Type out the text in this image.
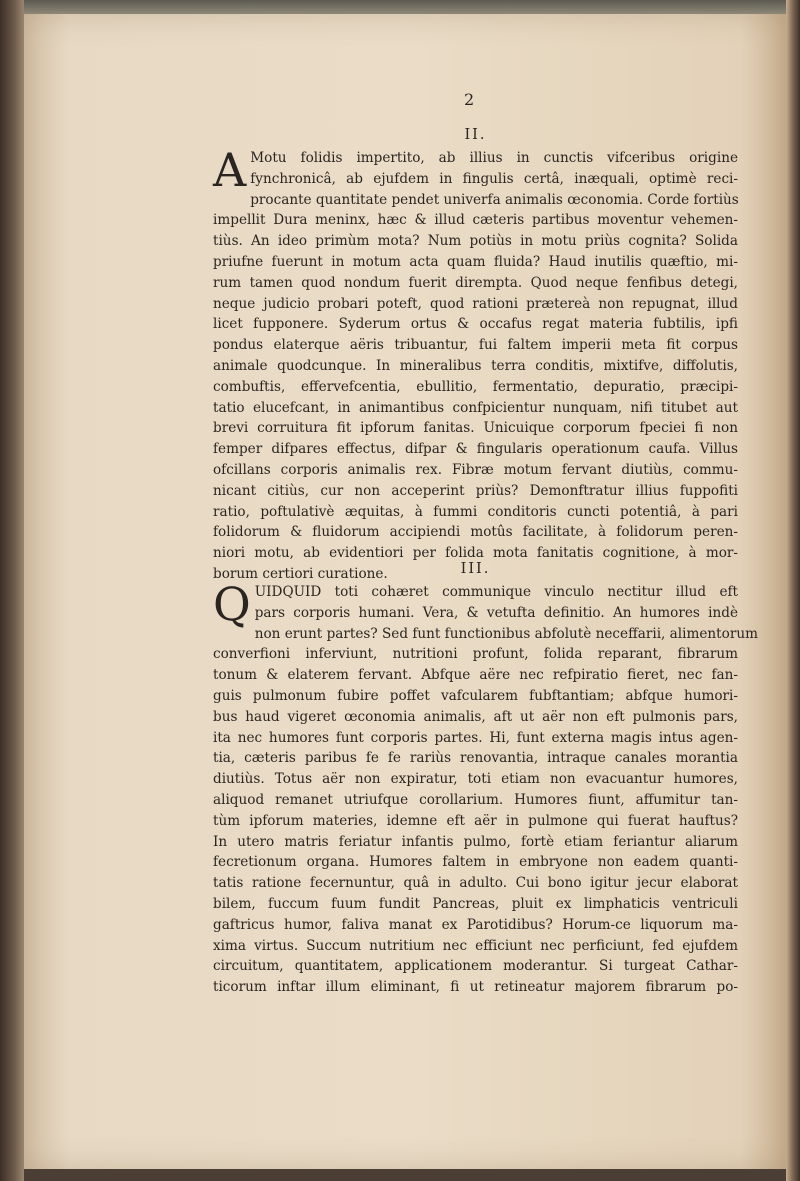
2
II.
A Motu folidis impertito, ab illius in cunctis vifceribus origine
fynchronicâ, ab ejufdem in fingulis certâ, inæquali, optimè reci-
procante quantitate pendet univerfa animalis œconomia. Corde fortiùs
impellit Dura meninx, hæc & illud cæteris partibus moventur vehemen-
tiùs. An ideo primùm mota? Num potiùs in motu priùs cognita? Solida
priufne fuerunt in motum acta quam fluida? Haud inutilis quæftio, mi-
rum tamen quod nondum fuerit dirempta. Quod neque fenfibus detegi,
neque judicio probari poteft, quod rationi prætereà non repugnat, illud
licet fupponere. Syderum ortus & occafus regat materia fubtilis, ipfi
pondus elaterque aëris tribuantur, fui faltem imperii meta fit corpus
animale quodcunque. In mineralibus terra conditis, mixtifve, diffolutis,
combuftis, effervefcentia, ebullitio, fermentatio, depuratio, præcipi-
tatio elucefcant, in animantibus confpicientur nunquam, nifi titubet aut
brevi corruitura fit ipforum fanitas. Unicuique corporum fpeciei fi non
femper difpares effectus, difpar & fingularis operationum caufa. Villus
ofcillans corporis animalis rex. Fibræ motum fervant diutiùs, commu-
nicant citiùs, cur non acceperint priùs? Demonftratur illius fuppofiti
ratio, poftulativè æquitas, à fummi conditoris cuncti potentiâ, à pari
folidorum & fluidorum accipiendi motûs facilitate, à folidorum peren-
niori motu, ab evidentiori per folida mota fanitatis cognitione, à mor-
borum certiori curatione.	III.
Q UIDQUID toti cohæret communique vinculo nectitur illud eft
pars corporis humani. Vera, & vetufta definitio. An humores indè
non erunt partes? Sed funt functionibus abfolutè neceffarii, alimentorum
converfioni inferviunt, nutritioni profunt, folida reparant, fibrarum
tonum & elaterem fervant. Abfque aëre nec refpiratio fieret, nec fan-
guis pulmonum fubire poffet vafcularem fubftantiam; abfque humori-
bus haud vigeret œconomia animalis, aft ut aër non eft pulmonis pars,
ita nec humores funt corporis partes. Hi, funt externa magis intus agen-
tia, cæteris paribus fe fe rariùs renovantia, intraque canales morantia
diutiùs. Totus aër non expiratur, toti etiam non evacuantur humores,
aliquod remanet utriufque corollarium. Humores fiunt, affumitur tan-
tùm ipforum materies, idemne eft aër in pulmone qui fuerat hauftus?
In utero matris feriatur infantis pulmo, fortè etiam feriantur aliarum
fecretionum organa. Humores faltem in embryone non eadem quanti-
tatis ratione fecernuntur, quâ in adulto. Cui bono igitur jecur elaborat
bilem, fuccum fuum fundit Pancreas, pluit ex limphaticis ventriculi
gaftricus humor, faliva manat ex Parotidibus? Horum-ce liquorum ma-
xima virtus. Succum nutritium nec efficiunt nec perficiunt, fed ejufdem
circuitum, quantitatem, applicationem moderantur. Si turgeat Cathar-
ticorum inftar illum eliminant, fi ut retineatur majorem fibrarum po-
